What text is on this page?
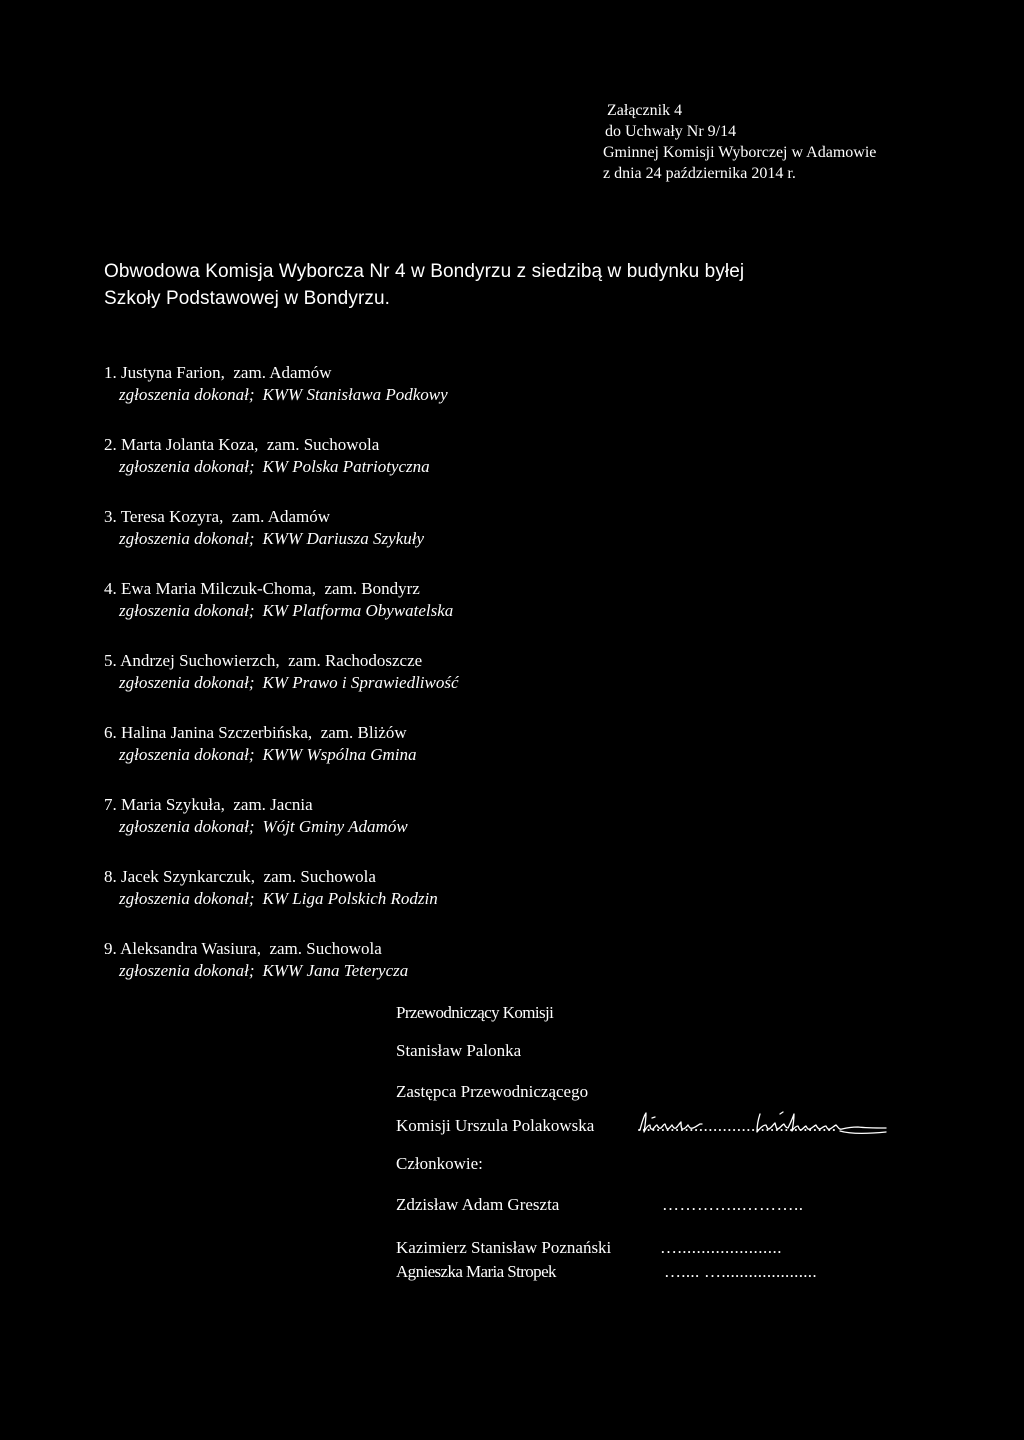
Załącznik 4
do Uchwały Nr 9/14
Gminnej Komisji Wyborczej w Adamowie
z dnia 24 października 2014 r.
Obwodowa Komisja Wyborcza Nr 4 w Bondyrzu z siedzibą w budynku byłej
Szkoły Podstawowej w Bondyrzu.
1. Justyna Farion, zam. Adamów
zgłoszenia dokonał; KWW Stanisława Podkowy
2. Marta Jolanta Koza, zam. Suchowola
zgłoszenia dokonał; KW Polska Patriotyczna
3. Teresa Kozyra, zam. Adamów
zgłoszenia dokonał; KWW Dariusza Szykuły
4. Ewa Maria Milczuk-Choma, zam. Bondyrz
zgłoszenia dokonał; KW Platforma Obywatelska
5. Andrzej Suchowierzch, zam. Rachodoszcze
zgłoszenia dokonał; KW Prawo i Sprawiedliwość
6. Halina Janina Szczerbińska, zam. Bliżów
zgłoszenia dokonał; KWW Wspólna Gmina
7. Maria Szykuła, zam. Jacnia
zgłoszenia dokonał; Wójt Gminy Adamów
8. Jacek Szynkarczuk, zam. Suchowola
zgłoszenia dokonał; KW Liga Polskich Rodzin
9. Aleksandra Wasiura, zam. Suchowola
zgłoszenia dokonał; KWW Jana Teterycza
Przewodniczący Komisji
Stanisław Palonka
Zastępca Przewodniczącego
Komisji Urszula Polakowska	..........................................
Członkowie:
Zdzisław Adam Greszta	…………..………..
Kazimierz Stanisław Poznański	…......................
Agnieszka Maria Stropek	….... ….....................
